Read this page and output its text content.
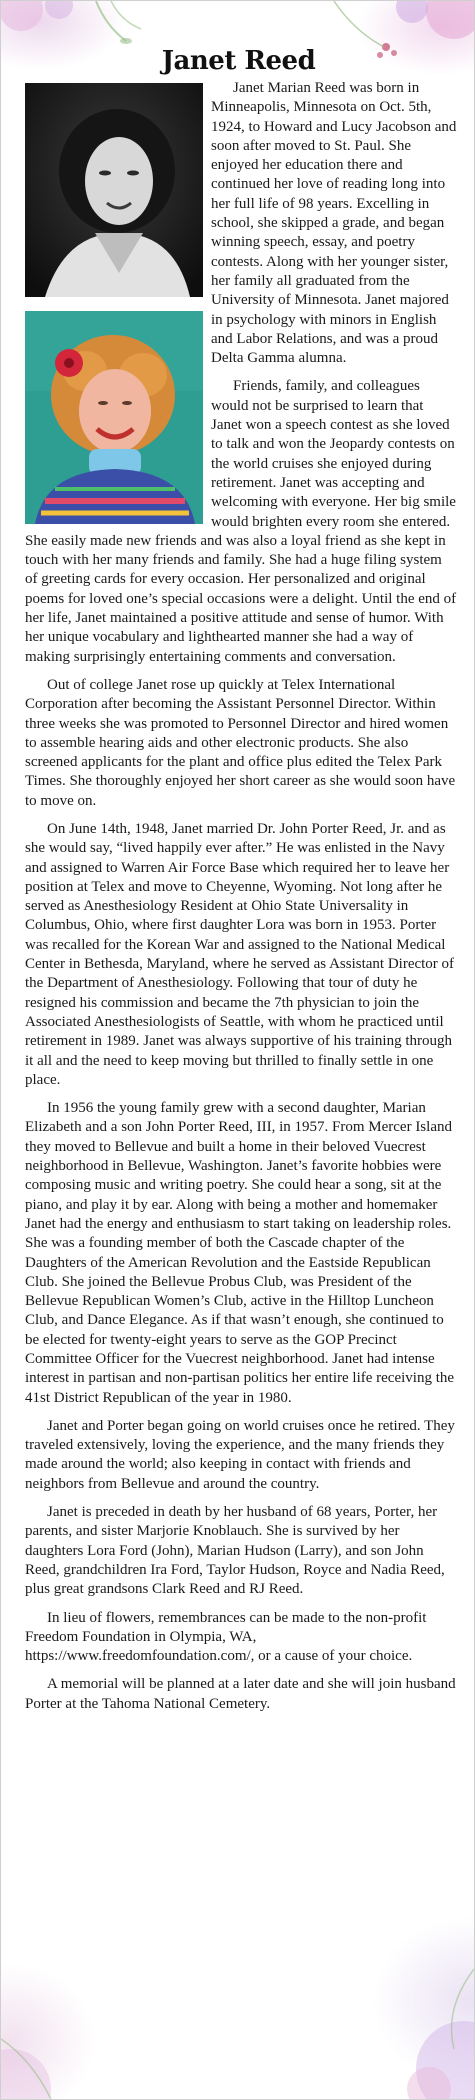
Janet Reed

Janet Marian Reed was born in Minneapolis, Minnesota on Oct. 5th, 1924, to Howard and Lucy Jacobson and soon after moved to St. Paul. She enjoyed her education there and continued her love of reading long into her full life of 98 years. Excelling in school, she skipped a grade, and began winning speech, essay, and poetry contests. Along with her younger sister, her family all graduated from the University of Minnesota. Janet majored in psychology with minors in English and Labor Relations, and was a proud Delta Gamma alumna.

Friends, family, and colleagues would not be surprised to learn that Janet won a speech contest as she loved to talk and won the Jeopardy contests on the world cruises she enjoyed during retirement. Janet was accepting and welcoming with everyone. Her big smile would brighten every room she entered. She easily made new friends and was also a loyal friend as she kept in touch with her many friends and family. She had a huge filing system of greeting cards for every occasion. Her personalized and original poems for loved one’s special occasions were a delight. Until the end of her life, Janet maintained a positive attitude and sense of humor. With her unique vocabulary and lighthearted manner she had a way of making surprisingly entertaining comments and conversation.

Out of college Janet rose up quickly at Telex International Corporation after becoming the Assistant Personnel Director. Within three weeks she was promoted to Personnel Director and hired women to assemble hearing aids and other electronic products. She also screened applicants for the plant and office plus edited the Telex Park Times. She thoroughly enjoyed her short career as she would soon have to move on.

On June 14th, 1948, Janet married Dr. John Porter Reed, Jr. and as she would say, “lived happily ever after.” He was enlisted in the Navy and assigned to Warren Air Force Base which required her to leave her position at Telex and move to Cheyenne, Wyoming. Not long after he served as Anesthesiology Resident at Ohio State Universality in Columbus, Ohio, where first daughter Lora was born in 1953. Porter was recalled for the Korean War and assigned to the National Medical Center in Bethesda, Maryland, where he served as Assistant Director of the Department of Anesthesiology. Following that tour of duty he resigned his commission and became the 7th physician to join the Associated Anesthesiologists of Seattle, with whom he practiced until retirement in 1989. Janet was always supportive of his training through it all and the need to keep moving but thrilled to finally settle in one place.

In 1956 the young family grew with a second daughter, Marian Elizabeth and a son John Porter Reed, III, in 1957. From Mercer Island they moved to Bellevue and built a home in their beloved Vuecrest neighborhood in Bellevue, Washington. Janet’s favorite hobbies were composing music and writing poetry. She could hear a song, sit at the piano, and play it by ear. Along with being a mother and homemaker Janet had the energy and enthusiasm to start taking on leadership roles. She was a founding member of both the Cascade chapter of the Daughters of the American Revolution and the Eastside Republican Club. She joined the Bellevue Probus Club, was President of the Bellevue Republican Women’s Club, active in the Hilltop Luncheon Club, and Dance Elegance. As if that wasn’t enough, she continued to be elected for twenty-eight years to serve as the GOP Precinct Committee Officer for the Vuecrest neighborhood. Janet had intense interest in partisan and non-partisan politics her entire life receiving the 41st District Republican of the year in 1980.

Janet and Porter began going on world cruises once he retired. They traveled extensively, loving the experience, and the many friends they made around the world; also keeping in contact with friends and neighbors from Bellevue and around the country.

Janet is preceded in death by her husband of 68 years, Porter, her parents, and sister Marjorie Knoblauch. She is survived by her daughters Lora Ford (John), Marian Hudson (Larry), and son John Reed, grandchildren Ira Ford, Taylor Hudson, Royce and Nadia Reed, plus great grandsons Clark Reed and RJ Reed.

In lieu of flowers, remembrances can be made to the non-profit Freedom Foundation in Olympia, WA, https://www.freedomfoundation.com/, or a cause of your choice.

A memorial will be planned at a later date and she will join husband Porter at the Tahoma National Cemetery.
